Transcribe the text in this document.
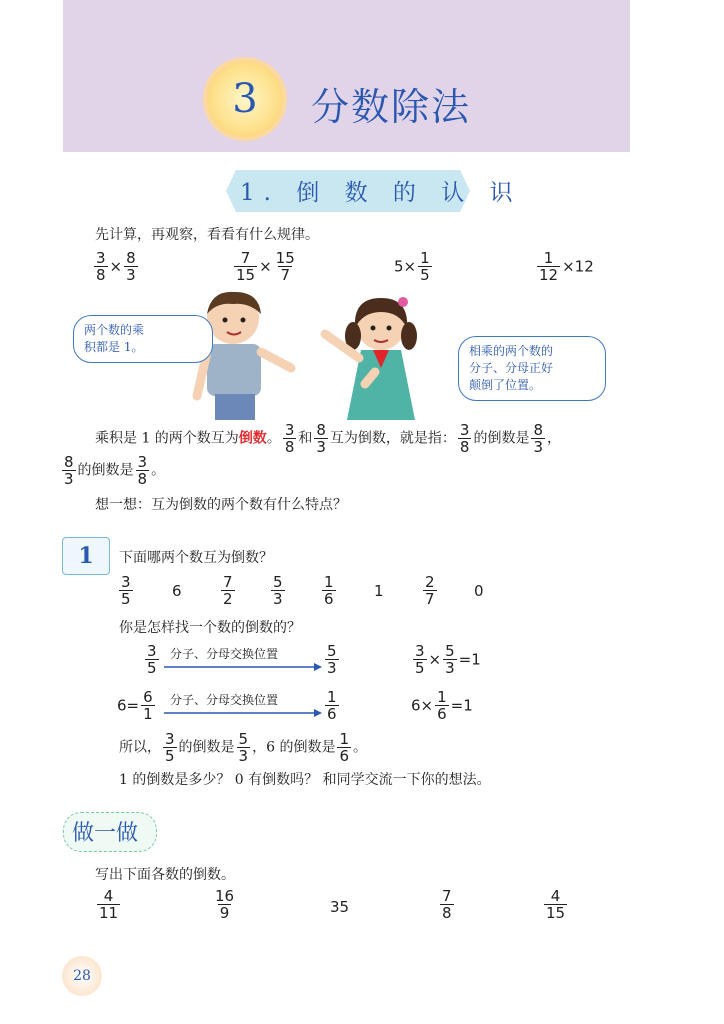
3 分数除法
1. 倒 数 的 认 识
先计算，再观察，看看有什么规律。
$\frac{3}{8} \times \frac{8}{3}$	$\frac{7}{15} \times \frac{15}{7}$	$5\times \frac{1}{5}$	$\frac{1}{12} \times 12$
两个数的乘
积都是 1。	相乘的两个数的
分子、分母正好
颠倒了位置。
乘积是 1 的两个数互为倒数。 $\frac{3}{8}$ 和 $\frac{8}{3}$ 互为倒数，就是指： $\frac{3}{8}$ 的倒数是 $\frac{8}{3}$ ，
$\frac{8}{3}$ 的倒数是 $\frac{3}{8}$ 。
想一想：互为倒数的两个数有什么特点？
1 下面哪两个数互为倒数？
$\frac{3}{5}$	6	$\frac{7}{2} \frac{5}{3} \frac{1}{6}$	1	$\frac{2}{7} 0$
你是怎样找一个数的倒数的？
$\frac{3}{5}$ 分子、分母交换位置	$\frac{5}{3}$	$\frac{3}{5} \times \frac{5}{3} =1$
$6= \frac{6}{1}$ 分子、分母交换位置	$\frac{1}{6}$	$6\times \frac{1}{6} =1$
所以， $\frac{3}{5}$ 的倒数是 $\frac{5}{3}$ ，6 的倒数是 $\frac{1}{6}$ 。
1 的倒数是多少？ 0 有倒数吗？ 和同学交流一下你的想法。
做一做
写出下面各数的倒数。
$\frac{4}{11}$	$\frac{16}{9}$	35	$\frac{7}{8}$	$\frac{4}{15}$
28
